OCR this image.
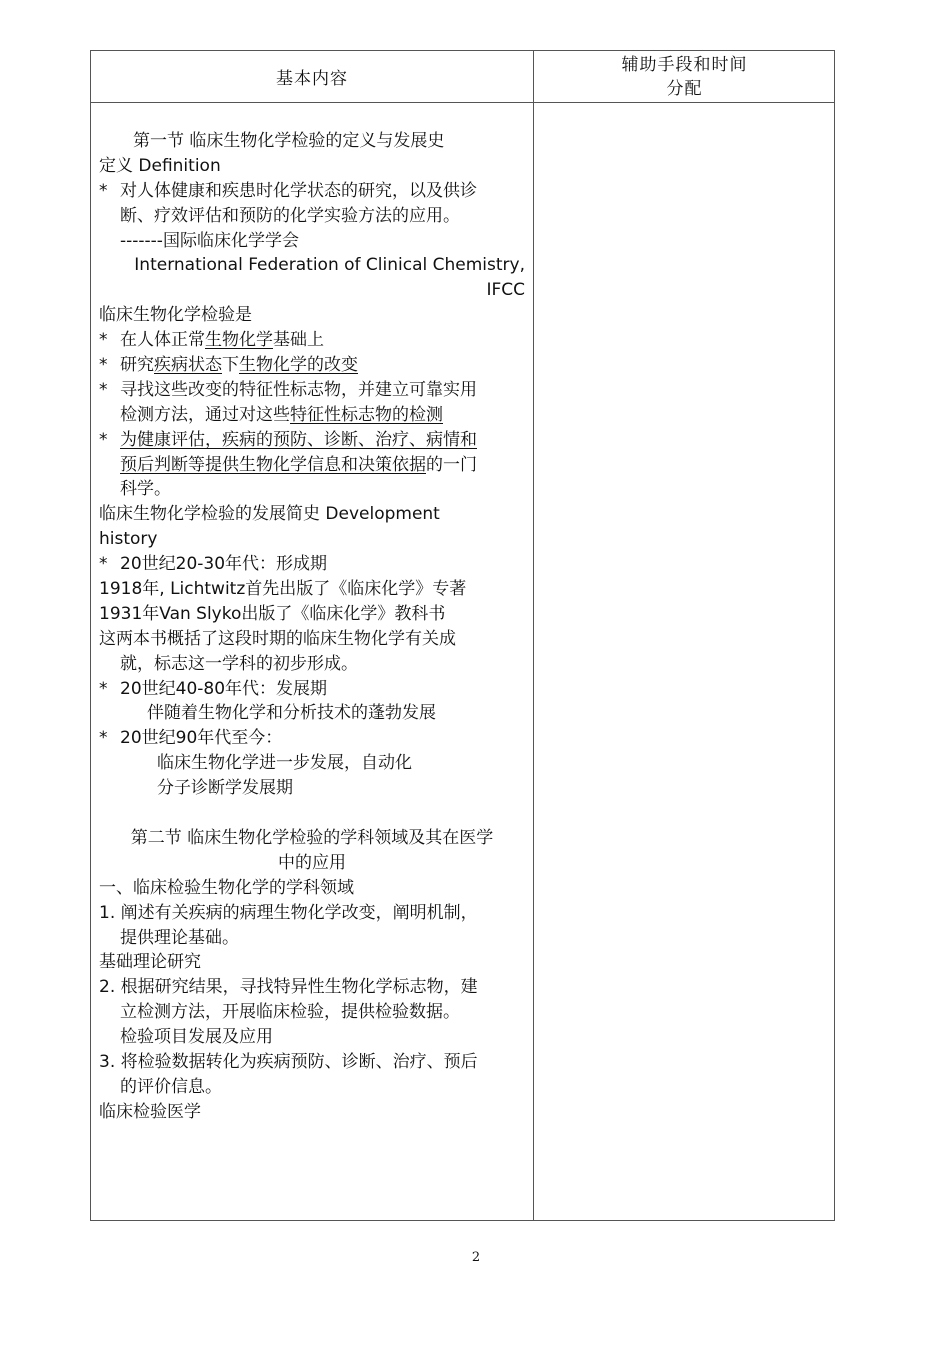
基本内容
辅助手段和时间
分配
第一节 临床生物化学检验的定义与发展史
定义 Definition
* 对人体健康和疾患时化学状态的研究，以及供诊
断、疗效评估和预防的化学实验方法的应用。
-------国际临床化学学会
International Federation of Clinical Chemistry,
IFCC
临床生物化学检验是
* 在人体正常生物化学基础上
* 研究疾病状态下生物化学的改变
* 寻找这些改变的特征性标志物，并建立可靠实用
检测方法，通过对这些特征性标志物的检测
* 为健康评估，疾病的预防、诊断、治疗、病情和
预后判断等提供生物化学信息和决策依据的一门
科学。
临床生物化学检验的发展简史 Development
history
* 20世纪20-30年代：形成期
1918年, Lichtwitz首先出版了《临床化学》专著
1931年Van Slyko出版了《临床化学》教科书
这两本书概括了这段时期的临床生物化学有关成
就，标志这一学科的初步形成。
* 20世纪40-80年代：发展期
伴随着生物化学和分析技术的蓬勃发展
* 20世纪90年代至今：
临床生物化学进一步发展，自动化
分子诊断学发展期
第二节 临床生物化学检验的学科领域及其在医学
中的应用
一、临床检验生物化学的学科领域
1. 阐述有关疾病的病理生物化学改变，阐明机制，
提供理论基础。
基础理论研究
2. 根据研究结果，寻找特异性生物化学标志物，建
立检测方法，开展临床检验，提供检验数据。
检验项目发展及应用
3. 将检验数据转化为疾病预防、诊断、治疗、预后
的评价信息。
临床检验医学
2
